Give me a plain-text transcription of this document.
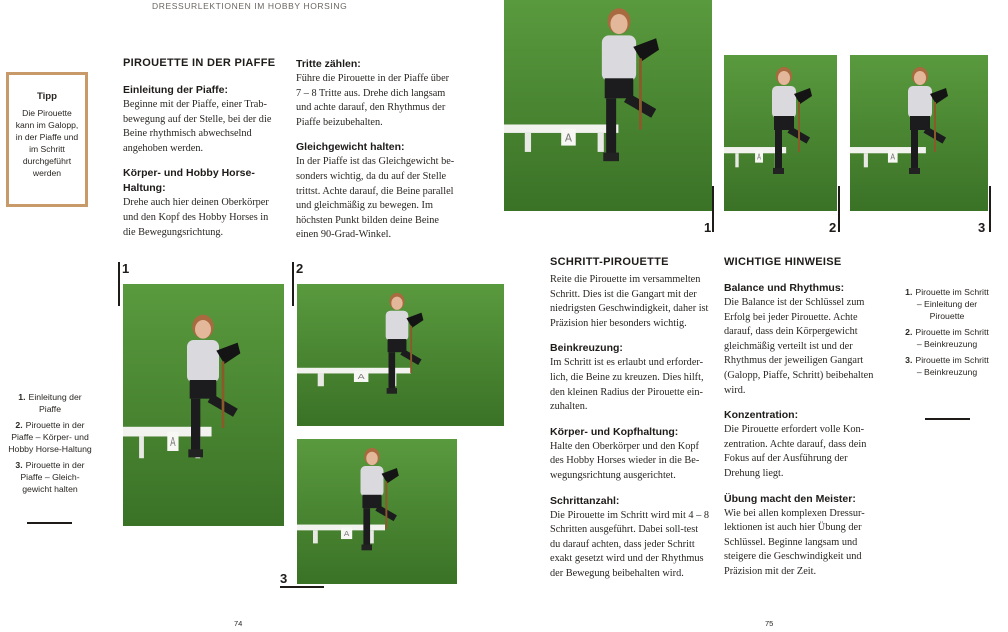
DRESSURLEKTIONEN IM HOBBY HORSING
Tipp
Die Pirouette kann im Galopp, in der Piaffe und im Schritt durchgeführt werden
PIROUETTE IN DER PIAFFE

Einleitung der Piaffe:

Beginne mit der Piaffe, einer Trab-bewegung auf der Stelle, bei der die Beine rhythmisch abwechselnd angehoben werden.

Körper- und Hobby Horse-Haltung:

Drehe auch hier deinen Oberkörper und den Kopf des Hobby Horses in die Bewegungsrichtung.

Tritte zählen:

Führe die Pirouette in der Piaffe über 7 – 8 Tritte aus. Drehe dich langsam und achte darauf, den Rhythmus der Piaffe beizubehalten.

Gleichgewicht halten:

In der Piaffe ist das Gleichgewicht be-sonders wichtig, da du auf der Stelle trittst. Achte darauf, die Beine parallel und gleichmäßig zu bewegen. Im höchsten Punkt bilden deine Beine einen 90-Grad-Winkel.

1	2
3
1. Einleitung der Piaffe
2. Pirouette in der Piaffe – Körper- und Hobby Horse-Haltung
3. Pirouette in der Piaffe – Gleich-gewicht halten
74
1	2	3
SCHRITT-PIROUETTE

Reite die Pirouette im versammelten Schritt. Dies ist die Gangart mit der niedrigsten Geschwindigkeit, daher ist Präzision hier besonders wichtig.

Beinkreuzung:

Im Schritt ist es erlaubt und erforder-lich, die Beine zu kreuzen. Dies hilft, den kleinen Radius der Pirouette ein-zuhalten.

Körper- und Kopfhaltung:

Halte den Oberkörper und den Kopf des Hobby Horses wieder in die Be-wegungsrichtung ausgerichtet.

Schrittanzahl:

Die Pirouette im Schritt wird mit 4 – 8 Schritten ausgeführt. Dabei soll-test du darauf achten, dass jeder Schritt exakt gesetzt wird und der Rhythmus der Bewegung beibehalten wird.

WICHTIGE HINWEISE

Balance und Rhythmus:

Die Balance ist der Schlüssel zum Erfolg bei jeder Pirouette. Achte darauf, dass dein Körpergewicht gleichmäßig verteilt ist und der Rhythmus der jeweiligen Gangart (Galopp, Piaffe, Schritt) beibehalten wird.

Konzentration:

Die Pirouette erfordert volle Kon-zentration. Achte darauf, dass dein Fokus auf der Ausführung der Drehung liegt.

Übung macht den Meister:

Wie bei allen komplexen Dressur-lektionen ist auch hier Übung der Schlüssel. Beginne langsam und steigere die Geschwindigkeit und Präzision mit der Zeit.

1. Pirouette im Schritt – Einleitung der Pirouette
2. Pirouette im Schritt – Beinkreuzung
3. Pirouette im Schritt – Beinkreuzung
75
